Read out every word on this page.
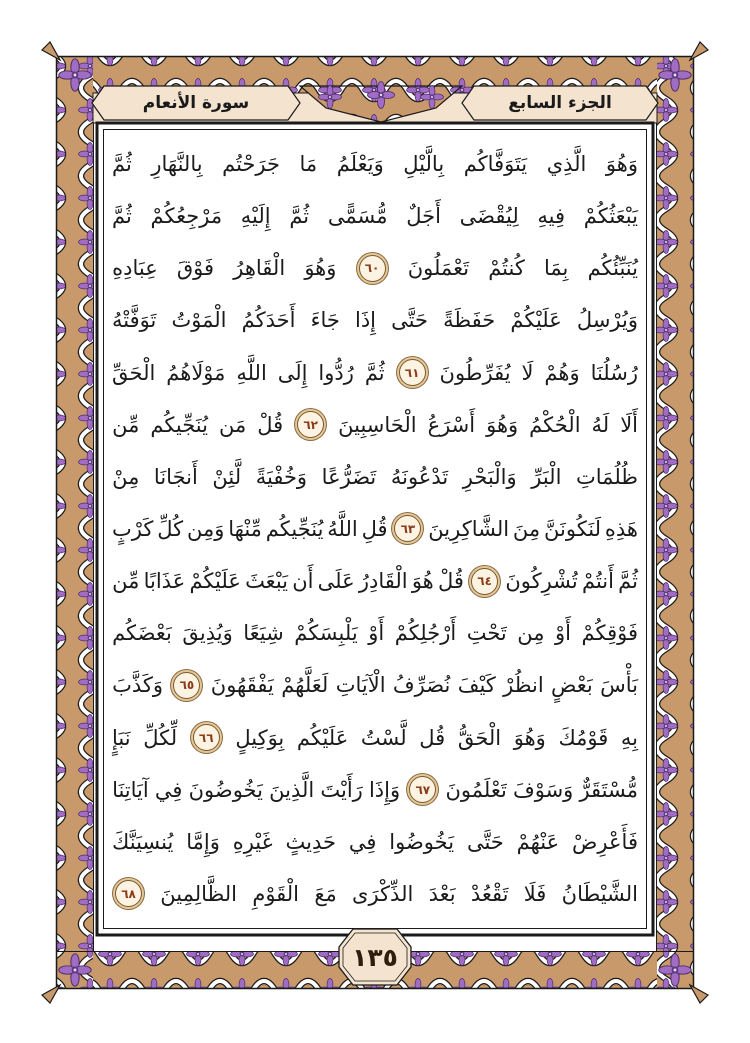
الجزء السابع
سورة الأنعام
وَهُوَ
الَّذِي
يَتَوَفَّاكُم
بِالَّيْلِ
وَيَعْلَمُ
مَا
جَرَحْتُم
بِالنَّهَارِ
ثُمَّ
يَبْعَثُكُمْ
فِيهِ
لِيُقْضَى
أَجَلٌ
مُّسَمًّى
ثُمَّ
إِلَيْهِ
مَرْجِعُكُمْ
ثُمَّ
يُنَبِّئُكُم
بِمَا
كُنتُمْ
تَعْمَلُونَ
٦٠
وَهُوَ
الْقَاهِرُ
فَوْقَ
عِبَادِهِ
وَيُرْسِلُ
عَلَيْكُمْ
حَفَظَةً
حَتَّى
إِذَا
جَاءَ
أَحَدَكُمُ
الْمَوْتُ
تَوَفَّتْهُ
رُسُلُنَا
وَهُمْ
لَا
يُفَرِّطُونَ
٦١
ثُمَّ
رُدُّوا
إِلَى
اللَّهِ
مَوْلَاهُمُ
الْحَقِّ
أَلَا
لَهُ
الْحُكْمُ
وَهُوَ
أَسْرَعُ
الْحَاسِبِينَ
٦٢
قُلْ
مَن
يُنَجِّيكُم
مِّن
ظُلُمَاتِ
الْبَرِّ
وَالْبَحْرِ
تَدْعُونَهُ
تَضَرُّعًا
وَخُفْيَةً
لَّئِنْ
أَنجَانَا
مِنْ
هَذِهِ
لَنَكُونَنَّ
مِنَ
الشَّاكِرِينَ
٦٣
قُلِ
اللَّهُ
يُنَجِّيكُم
مِّنْهَا
وَمِن
كُلِّ
كَرْبٍ
ثُمَّ
أَنتُمْ
تُشْرِكُونَ
٦٤
قُلْ
هُوَ
الْقَادِرُ
عَلَى
أَن
يَبْعَثَ
عَلَيْكُمْ
عَذَابًا
مِّن
فَوْقِكُمْ
أَوْ
مِن
تَحْتِ
أَرْجُلِكُمْ
أَوْ
يَلْبِسَكُمْ
شِيَعًا
وَيُذِيقَ
بَعْضَكُم
بَأْسَ
بَعْضٍ
انظُرْ
كَيْفَ
نُصَرِّفُ
الْآيَاتِ
لَعَلَّهُمْ
يَفْقَهُونَ
٦٥
وَكَذَّبَ
بِهِ
قَوْمُكَ
وَهُوَ
الْحَقُّ
قُل
لَّسْتُ
عَلَيْكُم
بِوَكِيلٍ
٦٦
لِّكُلِّ
نَبَإٍ
مُّسْتَقَرٌّ
وَسَوْفَ
تَعْلَمُونَ
٦٧
وَإِذَا
رَأَيْتَ
الَّذِينَ
يَخُوضُونَ
فِي
آيَاتِنَا
فَأَعْرِضْ
عَنْهُمْ
حَتَّى
يَخُوضُوا
فِي
حَدِيثٍ
غَيْرِهِ
وَإِمَّا
يُنسِيَنَّكَ
الشَّيْطَانُ
فَلَا
تَقْعُدْ
بَعْدَ
الذِّكْرَى
مَعَ
الْقَوْمِ
الظَّالِمِينَ
٦٨
١٣٥
